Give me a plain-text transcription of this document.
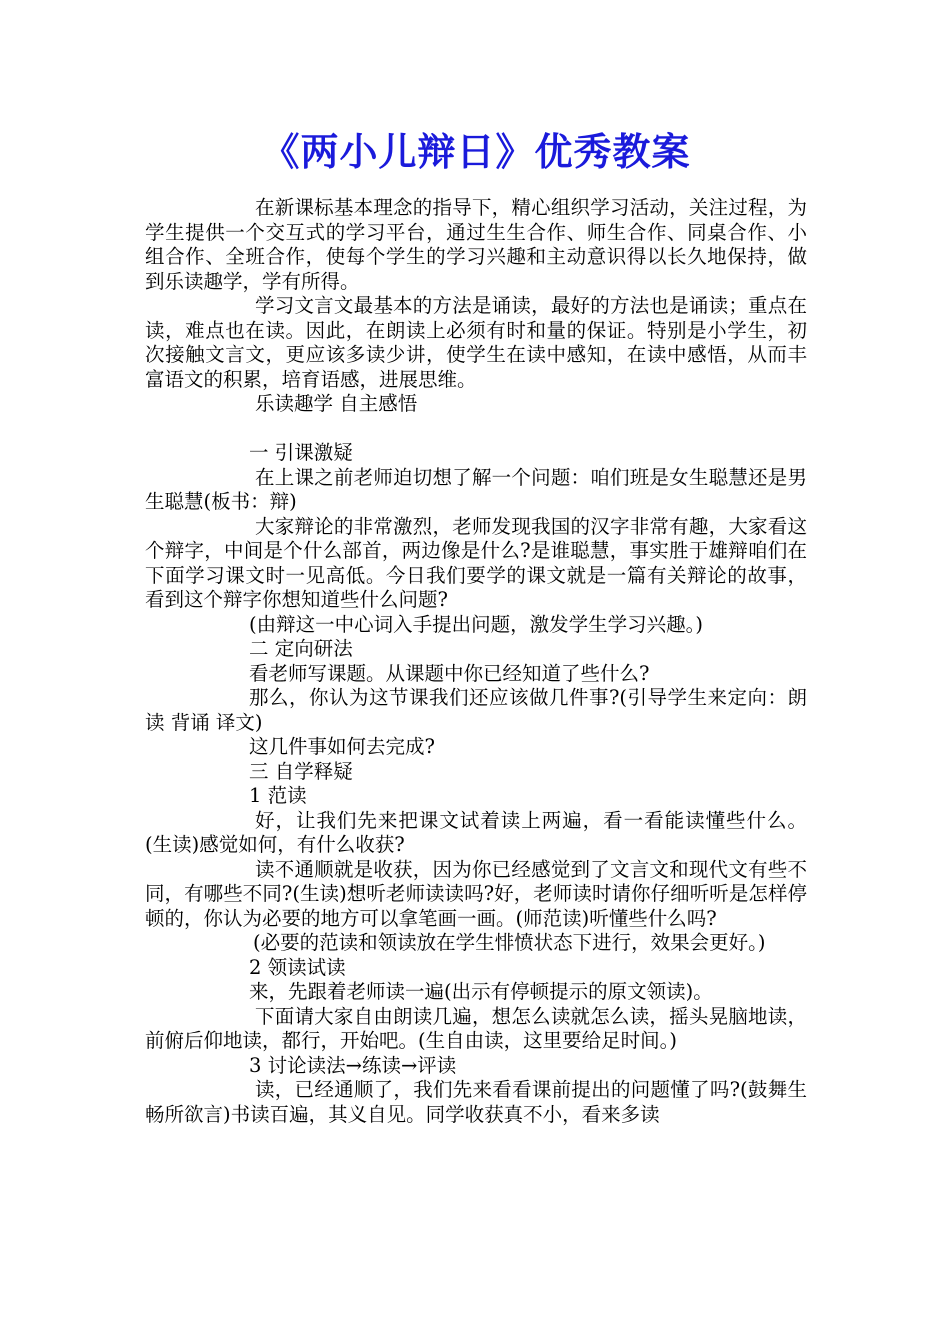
《两小儿辩日》优秀教案

在新课标基本理念的指导下，精心组织学习活动，关注过程，为学生提供一个交互式的学习平台，通过生生合作、师生合作、同桌合作、小组合作、全班合作，使每个学生的学习兴趣和主动意识得以长久地保持，做到乐读趣学，学有所得。

学习文言文最基本的方法是诵读，最好的方法也是诵读；重点在读，难点也在读。因此，在朗读上必须有时和量的保证。特别是小学生，初次接触文言文，更应该多读少讲，使学生在读中感知，在读中感悟，从而丰富语文的积累，培育语感，进展思维。

乐读趣学 自主感悟

一 引课激疑

在上课之前老师迫切想了解一个问题：咱们班是女生聪慧还是男生聪慧(板书：辩)

大家辩论的非常激烈，老师发现我国的汉字非常有趣，大家看这个辩字，中间是个什么部首，两边像是什么?是谁聪慧，事实胜于雄辩咱们在下面学习课文时一见高低。今日我们要学的课文就是一篇有关辩论的故事，看到这个辩字你想知道些什么问题?

(由辩这一中心词入手提出问题，激发学生学习兴趣。)

二 定向研法

看老师写课题。从课题中你已经知道了些什么?

那么，你认为这节课我们还应该做几件事?(引导学生来定向：朗读 背诵 译文)

这几件事如何去完成?

三 自学释疑

1 范读

好，让我们先来把课文试着读上两遍，看一看能读懂些什么。(生读)感觉如何，有什么收获?

读不通顺就是收获，因为你已经感觉到了文言文和现代文有些不同，有哪些不同?(生读)想听老师读读吗?好，老师读时请你仔细听听是怎样停顿的，你认为必要的地方可以拿笔画一画。(师范读)听懂些什么吗?

(必要的范读和领读放在学生悱愤状态下进行，效果会更好。)

2 领读试读

来，先跟着老师读一遍(出示有停顿提示的原文领读)。

下面请大家自由朗读几遍，想怎么读就怎么读，摇头晃脑地读，前俯后仰地读，都行，开始吧。(生自由读，这里要给足时间。)

3 讨论读法→练读→评读

读，已经通顺了，我们先来看看课前提出的问题懂了吗?(鼓舞生畅所欲言)书读百遍，其义自见。同学收获真不小，看来多读
